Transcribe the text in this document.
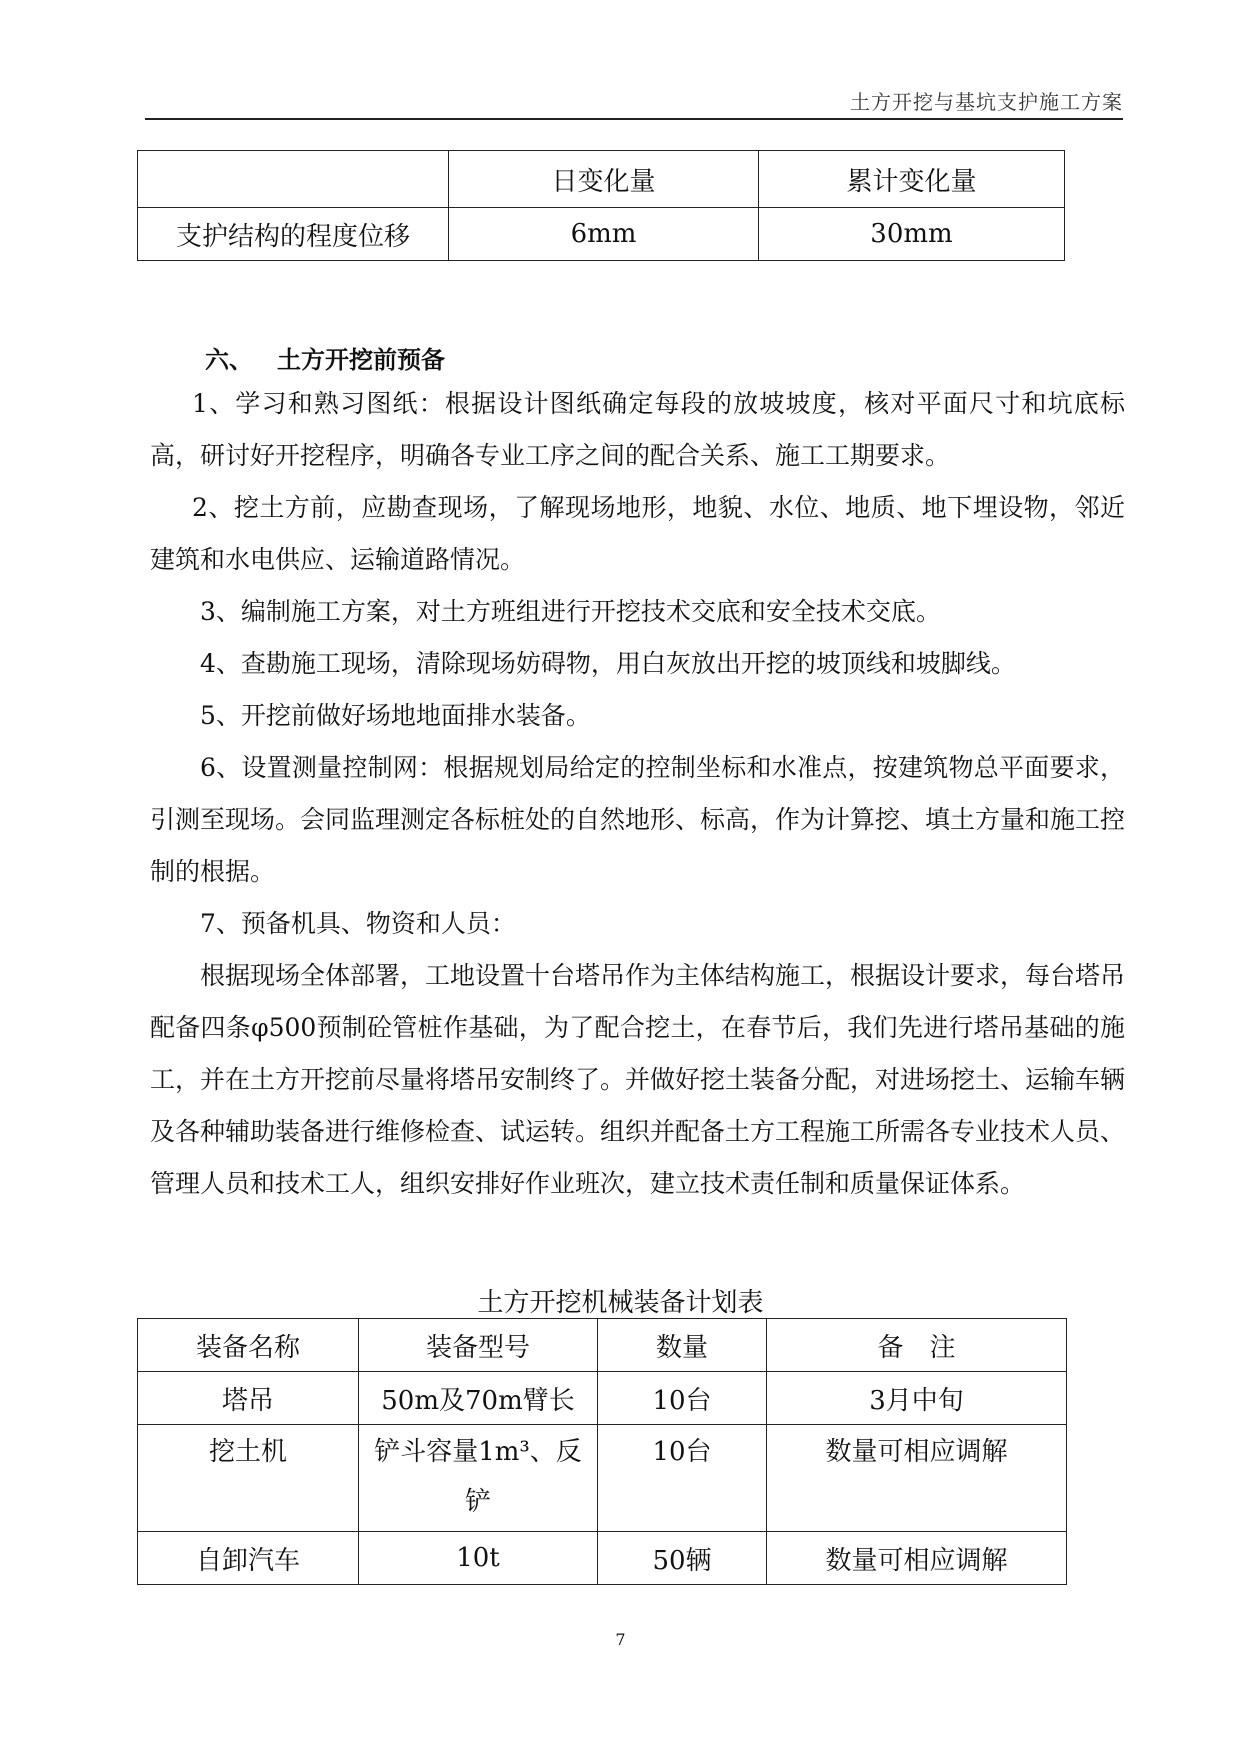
土方开挖与基坑支护施工方案
	日变化量	累计变化量
支护结构的程度位移	6mm	30mm
六、 土方开挖前预备

1、学习和熟习图纸：根据设计图纸确定每段的放坡坡度，核对平面尺寸和坑底标高，研讨好开挖程序，明确各专业工序之间的配合关系、施工工期要求。

2、挖土方前，应勘查现场，了解现场地形，地貌、水位、地质、地下埋设物，邻近建筑和水电供应、运输道路情况。

3、编制施工方案，对土方班组进行开挖技术交底和安全技术交底。

4、查勘施工现场，清除现场妨碍物，用白灰放出开挖的坡顶线和坡脚线。

5、开挖前做好场地地面排水装备。

6、设置测量控制网：根据规划局给定的控制坐标和水准点，按建筑物总平面要求，引测至现场。会同监理测定各标桩处的自然地形、标高，作为计算挖、填土方量和施工控制的根据。

7、预备机具、物资和人员：

根据现场全体部署，工地设置十台塔吊作为主体结构施工，根据设计要求，每台塔吊配备四条φ500预制砼管桩作基础，为了配合挖土，在春节后，我们先进行塔吊基础的施工，并在土方开挖前尽量将塔吊安制终了。并做好挖土装备分配，对进场挖土、运输车辆及各种辅助装备进行维修检查、试运转。组织并配备土方工程施工所需各专业技术人员、管理人员和技术工人，组织安排好作业班次，建立技术责任制和质量保证体系。

土方开挖机械装备计划表
装备名称	装备型号	数量	备　注
塔吊	50m及70m臂长	10台	3月中旬
挖土机	铲斗容量1m³、反铲	10台	数量可相应调解
自卸汽车	10t	50辆	数量可相应调解
7
